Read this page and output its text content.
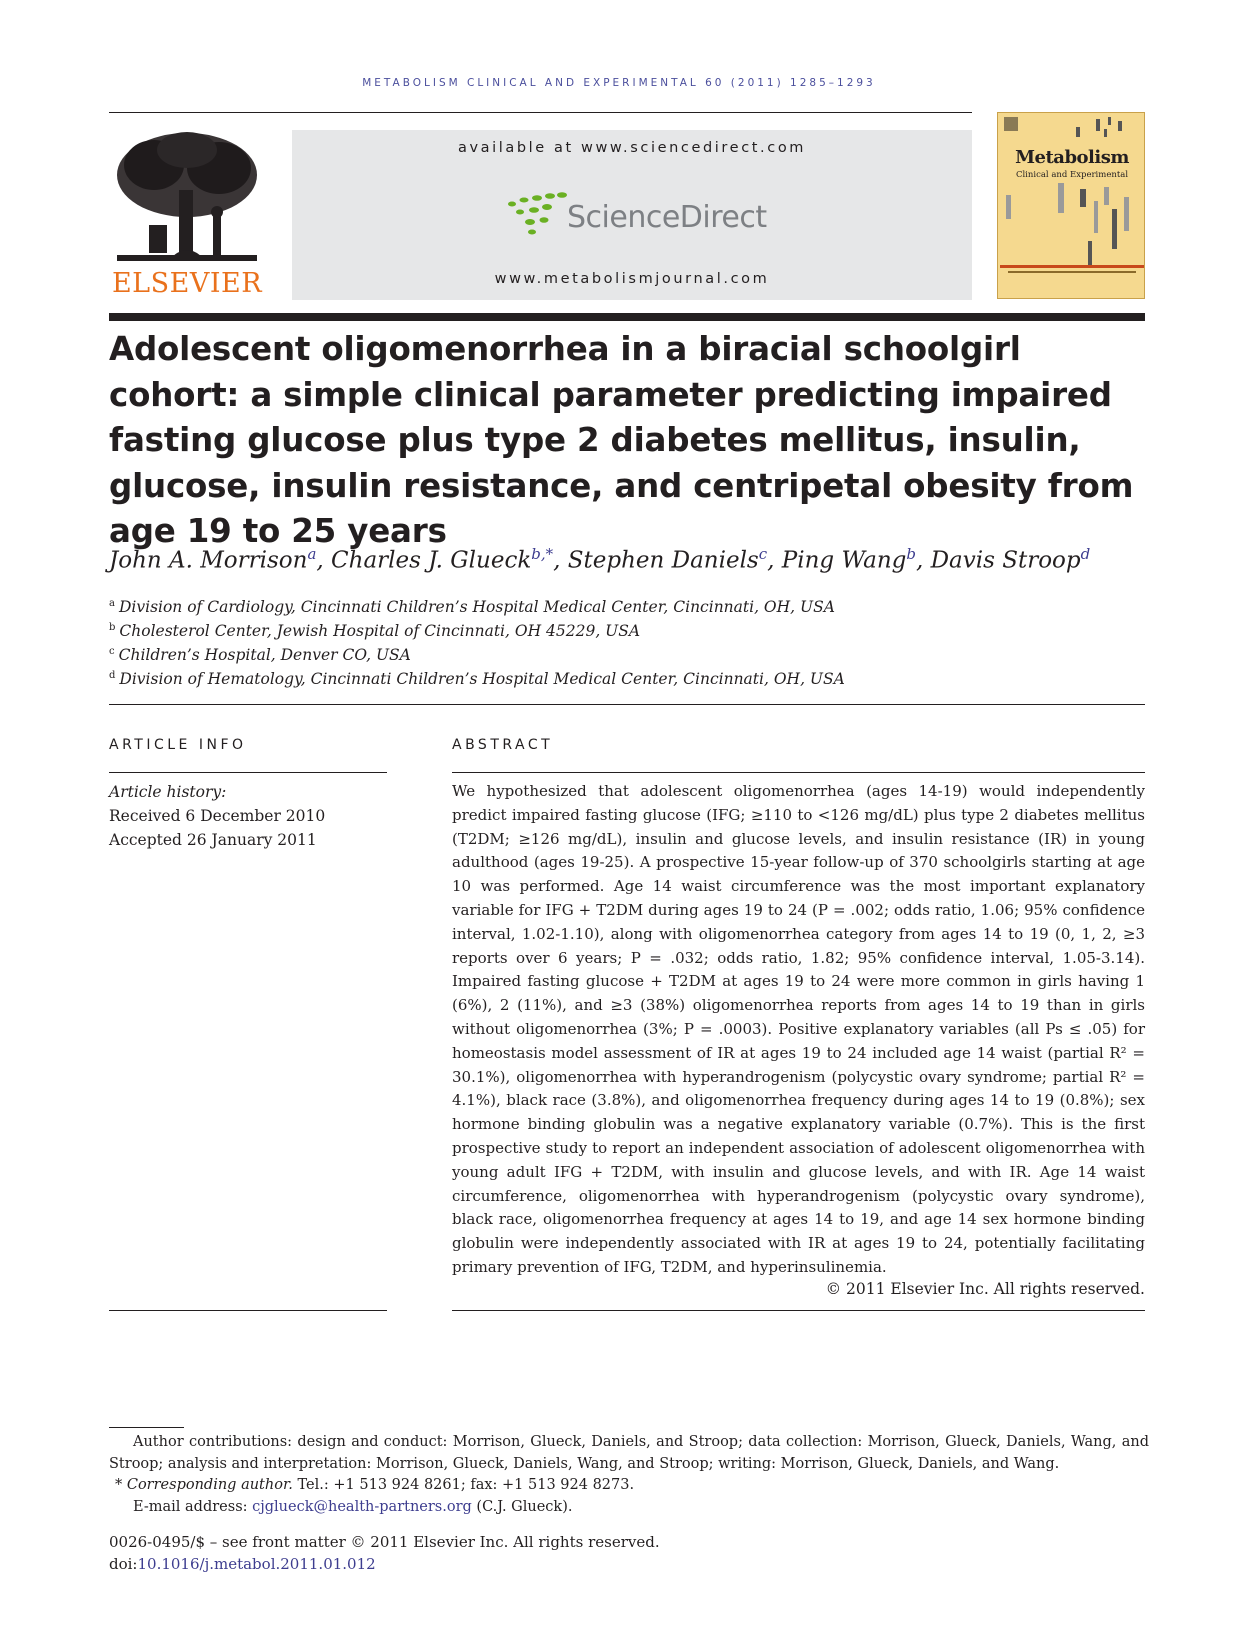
METABOLISM CLINICAL AND EXPERIMENTAL 60 (2011) 1285–1293
ELSEVIER
available at www.sciencedirect.com
ScienceDirect
www.metabolismjournal.com
Metabolism
Clinical and Experimental
Adolescent oligomenorrhea in a biracial schoolgirl cohort: a simple clinical parameter predicting impaired fasting glucose plus type 2 diabetes mellitus, insulin, glucose, insulin resistance, and centripetal obesity from age 19 to 25 years
John A. Morrison$^a$, Charles J. Glueck$^{b,*}$, Stephen Daniels$^c$, Ping Wang$^b$, Davis Stroop$^d$
$^a$ Division of Cardiology, Cincinnati Children’s Hospital Medical Center, Cincinnati, OH, USA
$^b$ Cholesterol Center, Jewish Hospital of Cincinnati, OH 45229, USA
$^c$ Children’s Hospital, Denver CO, USA
$^d$ Division of Hematology, Cincinnati Children’s Hospital Medical Center, Cincinnati, OH, USA
ARTICLE INFO	ABSTRACT
Article history:
Received 6 December 2010
Accepted 26 January 2011

We hypothesized that adolescent oligomenorrhea (ages 14-19) would independently predict impaired fasting glucose (IFG; ≥110 to <126 mg/dL) plus type 2 diabetes mellitus (T2DM; ≥126 mg/dL), insulin and glucose levels, and insulin resistance (IR) in young adulthood (ages 19-25). A prospective 15-year follow-up of 370 schoolgirls starting at age 10 was performed. Age 14 waist circumference was the most important explanatory variable for IFG + T2DM during ages 19 to 24 (P = .002; odds ratio, 1.06; 95% confidence interval, 1.02-1.10), along with oligomenorrhea category from ages 14 to 19 (0, 1, 2, ≥3 reports over 6 years; P = .032; odds ratio, 1.82; 95% confidence interval, 1.05-3.14). Impaired fasting glucose + T2DM at ages 19 to 24 were more common in girls having 1 (6%), 2 (11%), and ≥3 (38%) oligomenorrhea reports from ages 14 to 19 than in girls without oligomenorrhea (3%; P = .0003). Positive explanatory variables (all Ps ≤ .05) for homeostasis model assessment of IR at ages 19 to 24 included age 14 waist (partial R² = 30.1%), oligomenorrhea with hyperandrogenism (polycystic ovary syndrome; partial R² = 4.1%), black race (3.8%), and oligomenorrhea frequency during ages 14 to 19 (0.8%); sex hormone binding globulin was a negative explanatory variable (0.7%). This is the first prospective study to report an independent association of adolescent oligomenorrhea with young adult IFG + T2DM, with insulin and glucose levels, and with IR. Age 14 waist circumference, oligomenorrhea with hyperandrogenism (polycystic ovary syndrome), black race, oligomenorrhea frequency at ages 14 to 19, and age 14 sex hormone binding globulin were independently associated with IR at ages 19 to 24, potentially facilitating primary prevention of IFG, T2DM, and hyperinsulinemia.

© 2011 Elsevier Inc. All rights reserved.
Author contributions: design and conduct: Morrison, Glueck, Daniels, and Stroop; data collection: Morrison, Glueck, Daniels, Wang, and Stroop; analysis and interpretation: Morrison, Glueck, Daniels, Wang, and Stroop; writing: Morrison, Glueck, Daniels, and Wang.
* Corresponding author. Tel.: +1 513 924 8261; fax: +1 513 924 8273.
E-mail address: cjglueck@health-partners.org (C.J. Glueck).
0026-0495/$ – see front matter © 2011 Elsevier Inc. All rights reserved.
doi:10.1016/j.metabol.2011.01.012
